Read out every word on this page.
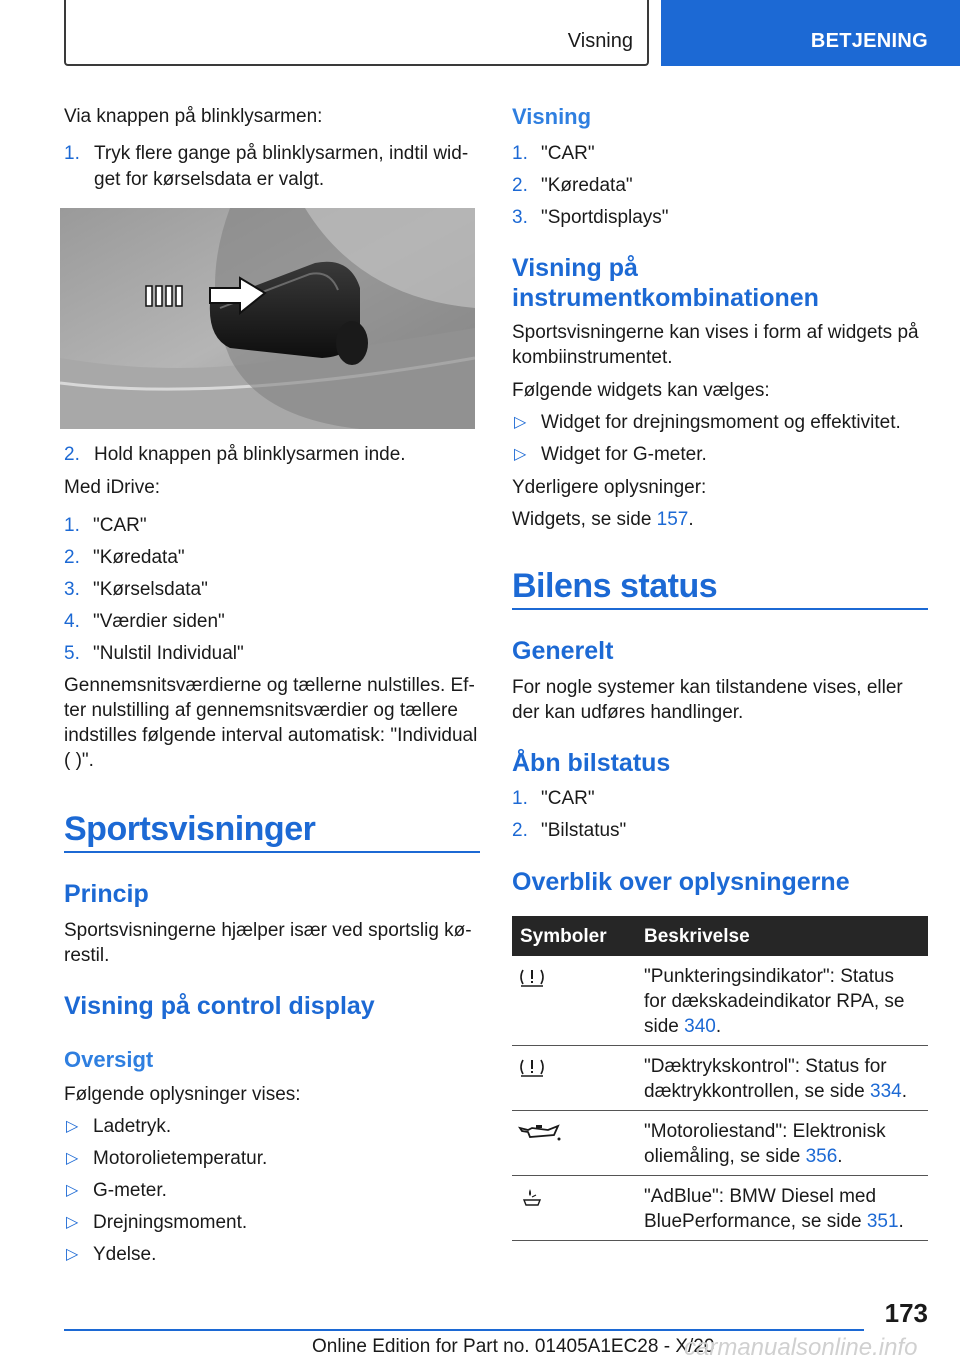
Visning	BETJENING
Via knappen på blinklysarmen:
1. Tryk flere gange på blinklysarmen, indtil wid-
get for kørselsdata er valgt.
2. Hold knappen på blinklysarmen inde.
Med iDrive:
1. "CAR"
2. "Køredata"
3. "Kørselsdata"
4. "Værdier siden"
5. "Nulstil Individual"
Gennemsnitsværdierne og tællerne nulstilles. Ef-
ter nulstilling af gennemsnitsværdier og tællere
indstilles følgende interval automatisk: "Individual
( )".
Sportsvisninger
Princip
Sportsvisningerne hjælper især ved sportslig kø-
restil.
Visning på control display
Oversigt
Følgende oplysninger vises:
▷ Ladetryk.
▷ Motorolietemperatur.
▷ G-meter.
▷ Drejningsmoment.
▷ Ydelse.
Visning
1. "CAR"
2. "Køredata"
3. "Sportdisplays"
Visning på
instrumentkombinationen
Sportsvisningerne kan vises i form af widgets på
kombiinstrumentet.
Følgende widgets kan vælges:
▷ Widget for drejningsmoment og effektivitet.
▷ Widget for G-meter.
Yderligere oplysninger:
Widgets, se side 157.
Bilens status
Generelt
For nogle systemer kan tilstandene vises, eller
der kan udføres handlinger.
Åbn bilstatus
1. "CAR"
2. "Bilstatus"
Overblik over oplysningerne
Symboler Beskrivelse
"Punkteringsindikator": Status
for dækskadeindikator RPA, se
side 340.
"Dæktrykskontrol": Status for
dæktrykkontrollen, se side 334.
"Motoroliestand": Elektronisk
oliemåling, se side 356.
"AdBlue": BMW Diesel med
BluePerformance, se side 351.
173
Online Edition for Part no. 01405A1EC28 - X/20
carmanualsonline.info
